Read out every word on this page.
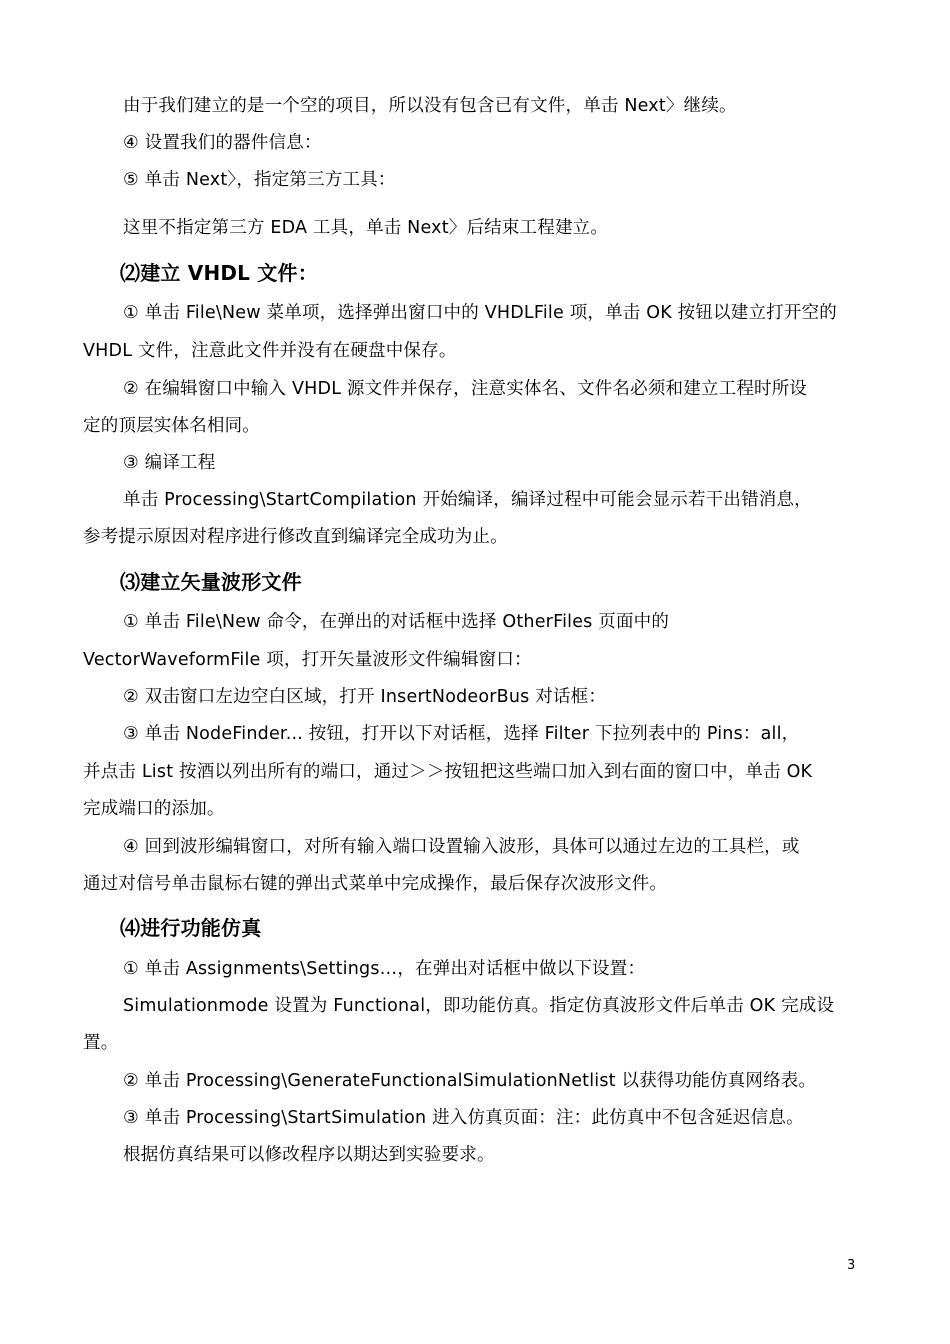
由于我们建立的是一个空的项目，所以没有包含已有文件，单击 Next〉继续。
④ 设置我们的器件信息：
⑤ 单击 Next〉，指定第三方工具：
这里不指定第三方 EDA 工具，单击 Next〉后结束工程建立。
⑵建立 VHDL 文件：
① 单击 File\New 菜单项，选择弹出窗口中的 VHDLFile 项，单击 OK 按钮以建立打开空的
VHDL 文件，注意此文件并没有在硬盘中保存。
② 在编辑窗口中输入 VHDL 源文件并保存，注意实体名、文件名必须和建立工程时所设
定的顶层实体名相同。
③ 编译工程
单击 Processing\StartCompilation 开始编译，编译过程中可能会显示若干出错消息，
参考提示原因对程序进行修改直到编译完全成功为止。
⑶建立矢量波形文件
① 单击 File\New 命令，在弹出的对话框中选择 OtherFiles 页面中的
VectorWaveformFile 项，打开矢量波形文件编辑窗口：
② 双击窗口左边空白区域，打开 InsertNodeorBus 对话框：
③ 单击 NodeFinder... 按钮，打开以下对话框，选择 Filter 下拉列表中的 Pins：all，
并点击 List 按酒以列出所有的端口，通过＞＞按钮把这些端口加入到右面的窗口中，单击 OK
完成端口的添加。
④ 回到波形编辑窗口，对所有输入端口设置输入波形，具体可以通过左边的工具栏，或
通过对信号单击鼠标右键的弹出式菜单中完成操作，最后保存次波形文件。
⑷进行功能仿真
① 单击 Assignments\Settings…，在弹出对话框中做以下设置：
Simulationmode 设置为 Functional，即功能仿真。指定仿真波形文件后单击 OK 完成设
置。
② 单击 Processing\GenerateFunctionalSimulationNetlist 以获得功能仿真网络表。
③ 单击 Processing\StartSimulation 进入仿真页面：注：此仿真中不包含延迟信息。
根据仿真结果可以修改程序以期达到实验要求。
3
